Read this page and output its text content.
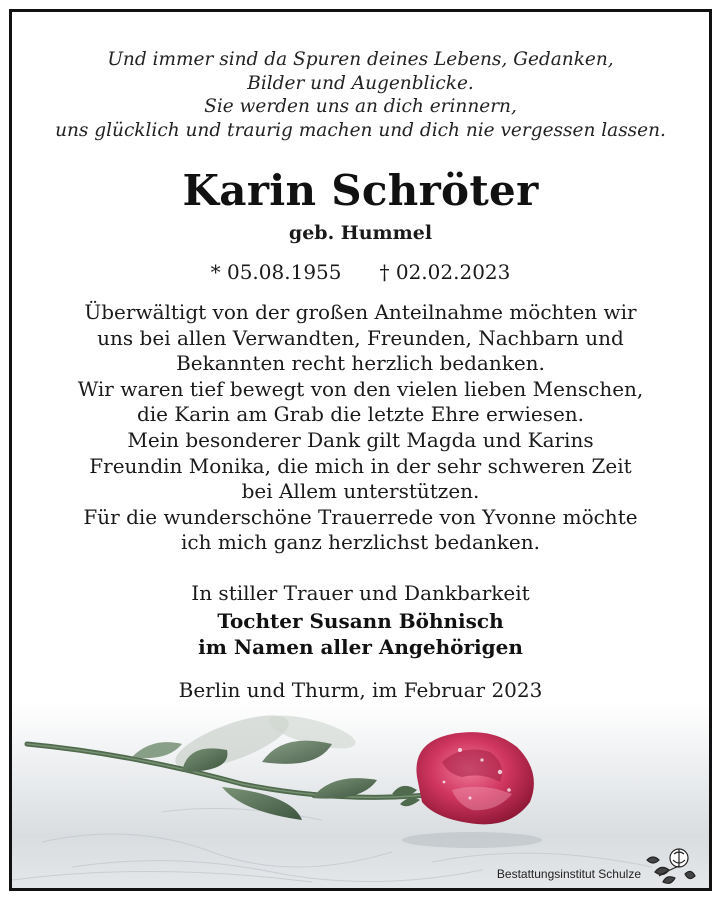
Und immer sind da Spuren deines Lebens, Gedanken,
Bilder und Augenblicke.
Sie werden uns an dich erinnern,
uns glücklich und traurig machen und dich nie vergessen lassen.
Karin Schröter
geb. Hummel
* 05.08.1955 † 02.02.2023
Überwältigt von der großen Anteilnahme möchten wir
uns bei allen Verwandten, Freunden, Nachbarn und
Bekannten recht herzlich bedanken.
Wir waren tief bewegt von den vielen lieben Menschen,
die Karin am Grab die letzte Ehre erwiesen.
Mein besonderer Dank gilt Magda und Karins
Freundin Monika, die mich in der sehr schweren Zeit
bei Allem unterstützen.
Für die wunderschöne Trauerrede von Yvonne möchte
ich mich ganz herzlichst bedanken.
In stiller Trauer und Dankbarkeit
Tochter Susann Böhnisch
im Namen aller Angehörigen
Berlin und Thurm, im Februar 2023
Bestattungsinstitut Schulze
